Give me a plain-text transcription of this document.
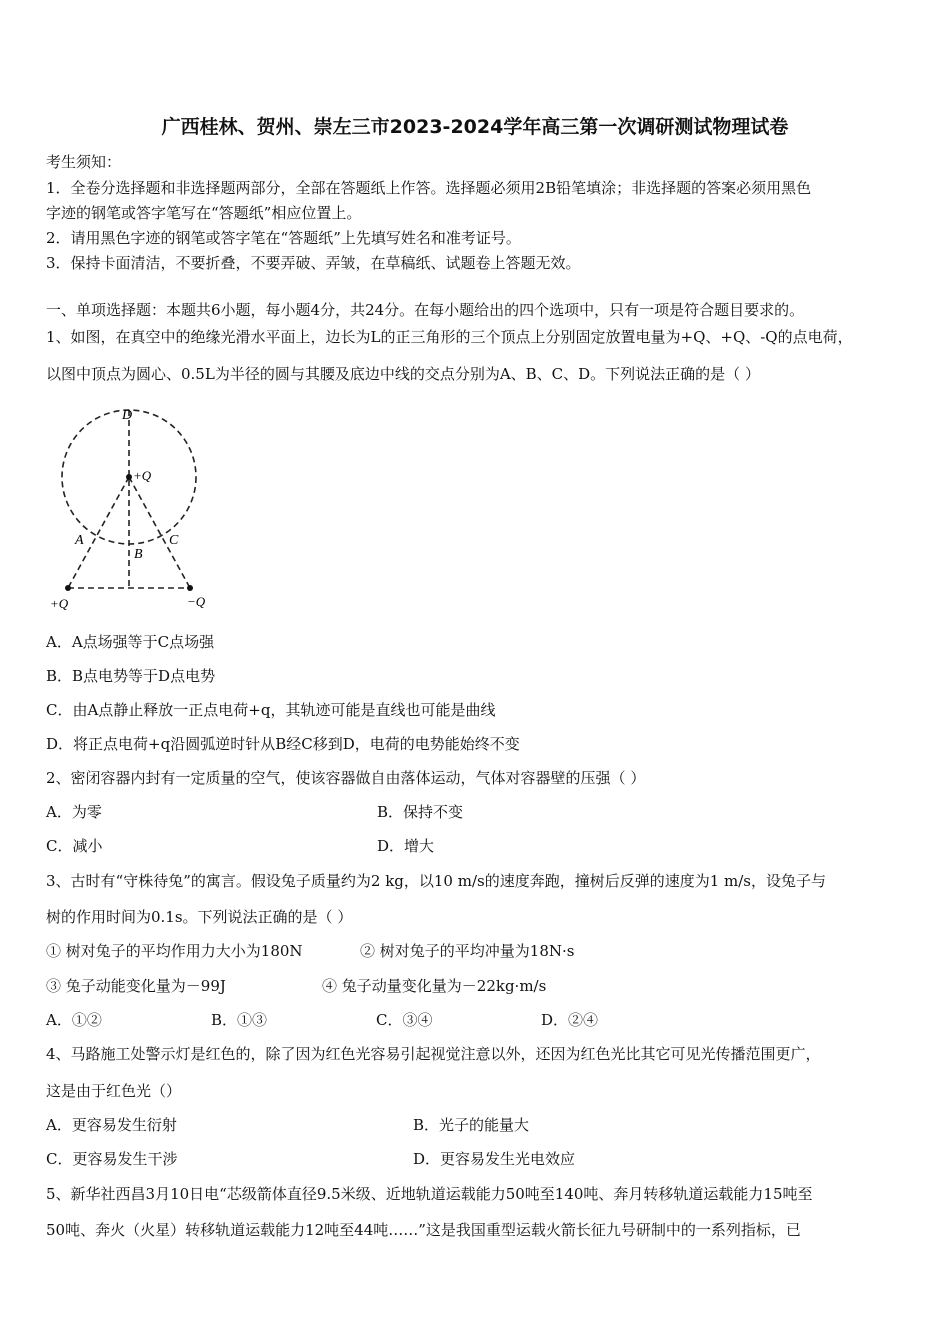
广西桂林、贺州、崇左三市2023-2024学年高三第一次调研测试物理试卷
考生须知：
1．全卷分选择题和非选择题两部分，全部在答题纸上作答。选择题必须用2B铅笔填涂；非选择题的答案必须用黑色
字迹的钢笔或答字笔写在“答题纸”相应位置上。
2．请用黑色字迹的钢笔或答字笔在“答题纸”上先填写姓名和准考证号。
3．保持卡面清洁，不要折叠，不要弄破、弄皱，在草稿纸、试题卷上答题无效。
一、单项选择题：本题共6小题，每小题4分，共24分。在每小题给出的四个选项中，只有一项是符合题目要求的。
1、如图，在真空中的绝缘光滑水平面上，边长为L的正三角形的三个顶点上分别固定放置电量为+Q、+Q、-Q的点电荷，
以图中顶点为圆心、0.5L为半径的圆与其腰及底边中线的交点分别为A、B、C、D。下列说法正确的是（ ）
D
+Q
A
B
C
+Q	−Q
A．A点场强等于C点场强
B．B点电势等于D点电势
C．由A点静止释放一正点电荷+q，其轨迹可能是直线也可能是曲线
D．将正点电荷+q沿圆弧逆时针从B经C移到D，电荷的电势能始终不变
2、密闭容器内封有一定质量的空气，使该容器做自由落体运动，气体对容器壁的压强（ ）
A．为零	B．保持不变
C．减小	D．增大
3、古时有“守株待兔”的寓言。假设兔子质量约为2 kg，以10 m/s的速度奔跑，撞树后反弹的速度为1 m/s，设兔子与
树的作用时间为0.1s。下列说法正确的是（ ）
① 树对兔子的平均作用力大小为180N	② 树对兔子的平均冲量为18N·s
③ 兔子动能变化量为－99J	④ 兔子动量变化量为－22kg·m/s
A．①②	B．①③	C．③④	D．②④
4、马路施工处警示灯是红色的，除了因为红色光容易引起视觉注意以外，还因为红色光比其它可见光传播范围更广，
这是由于红色光（）
A．更容易发生衍射	B．光子的能量大
C．更容易发生干涉	D．更容易发生光电效应
5、新华社西昌3月10日电“芯级箭体直径9.5米级、近地轨道运载能力50吨至140吨、奔月转移轨道运载能力15吨至
50吨、奔火（火星）转移轨道运载能力12吨至44吨……”这是我国重型运载火箭长征九号研制中的一系列指标，已
